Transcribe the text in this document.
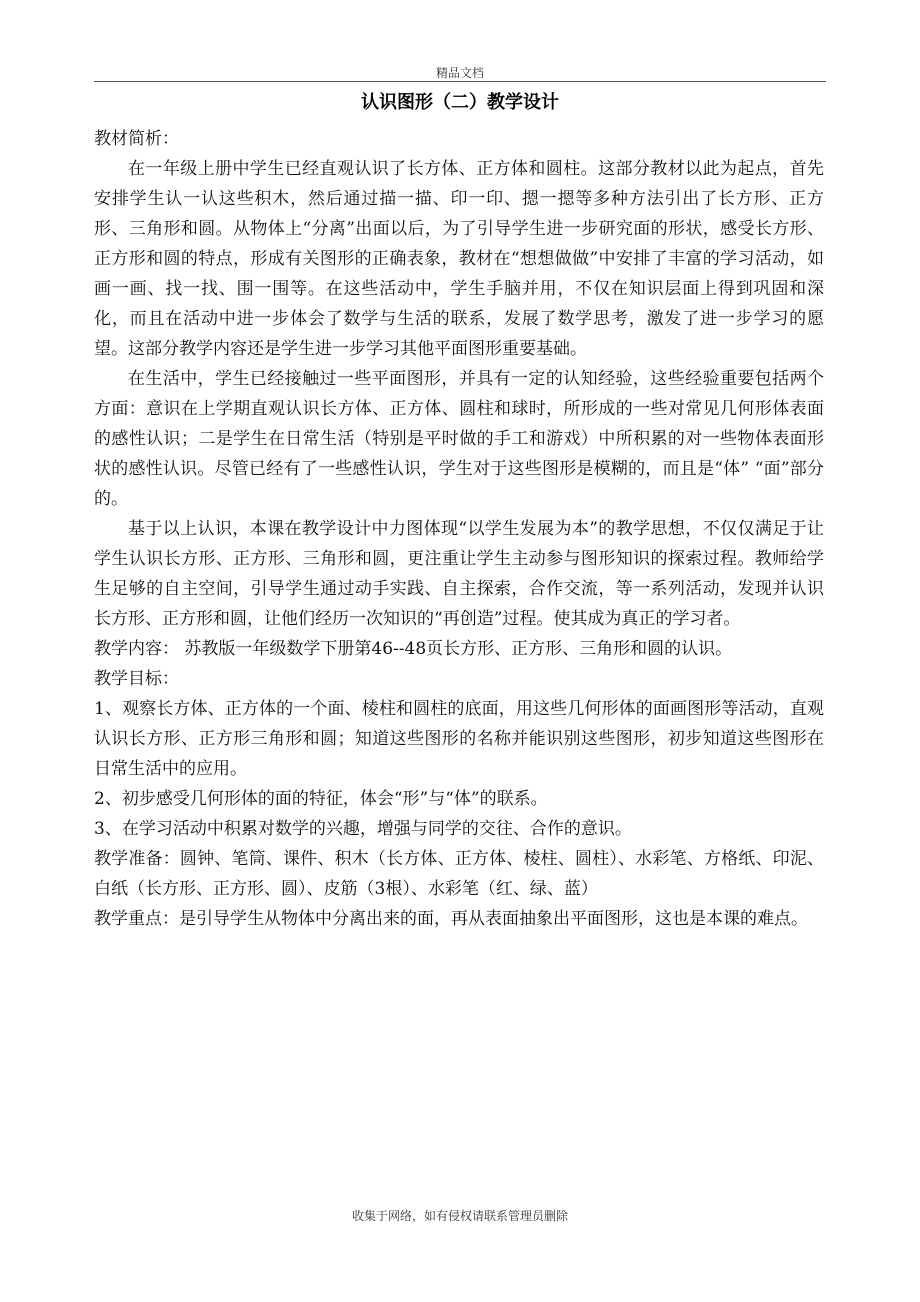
精品文档
认识图形（二）教学设计

教材简析：

在一年级上册中学生已经直观认识了长方体、正方体和圆柱。这部分教材以此为起点，首先安排学生认一认这些积木，然后通过描一描、印一印、摁一摁等多种方法引出了长方形、正方形、三角形和圆。从物体上“分离”出面以后，为了引导学生进一步研究面的形状，感受长方形、正方形和圆的特点，形成有关图形的正确表象，教材在“想想做做”中安排了丰富的学习活动，如画一画、找一找、围一围等。在这些活动中，学生手脑并用，不仅在知识层面上得到巩固和深化，而且在活动中进一步体会了数学与生活的联系，发展了数学思考，激发了进一步学习的愿望。这部分教学内容还是学生进一步学习其他平面图形重要基础。

在生活中，学生已经接触过一些平面图形，并具有一定的认知经验，这些经验重要包括两个方面：意识在上学期直观认识长方体、正方体、圆柱和球时，所形成的一些对常见几何形体表面的感性认识；二是学生在日常生活（特别是平时做的手工和游戏）中所积累的对一些物体表面形状的感性认识。尽管已经有了一些感性认识，学生对于这些图形是模糊的，而且是“体” “面”部分的。

基于以上认识，本课在教学设计中力图体现“以学生发展为本”的教学思想，不仅仅满足于让学生认识长方形、正方形、三角形和圆，更注重让学生主动参与图形知识的探索过程。教师给学生足够的自主空间，引导学生通过动手实践、自主探索，合作交流，等一系列活动，发现并认识长方形、正方形和圆，让他们经历一次知识的“再创造”过程。使其成为真正的学习者。

教学内容： 苏教版一年级数学下册第46--48页长方形、正方形、三角形和圆的认识。

教学目标：

1、观察长方体、正方体的一个面、棱柱和圆柱的底面，用这些几何形体的面画图形等活动，直观认识长方形、正方形三角形和圆；知道这些图形的名称并能识别这些图形，初步知道这些图形在日常生活中的应用。

2、初步感受几何形体的面的特征，体会“形”与“体”的联系。

3、在学习活动中积累对数学的兴趣，增强与同学的交往、合作的意识。

教学准备：圆钟、笔筒、课件、积木（长方体、正方体、棱柱、圆柱）、水彩笔、方格纸、印泥、白纸（长方形、正方形、圆）、皮筋（3根）、水彩笔（红、绿、蓝）

教学重点：是引导学生从物体中分离出来的面，再从表面抽象出平面图形，这也是本课的难点。

收集于网络，如有侵权请联系管理员删除
